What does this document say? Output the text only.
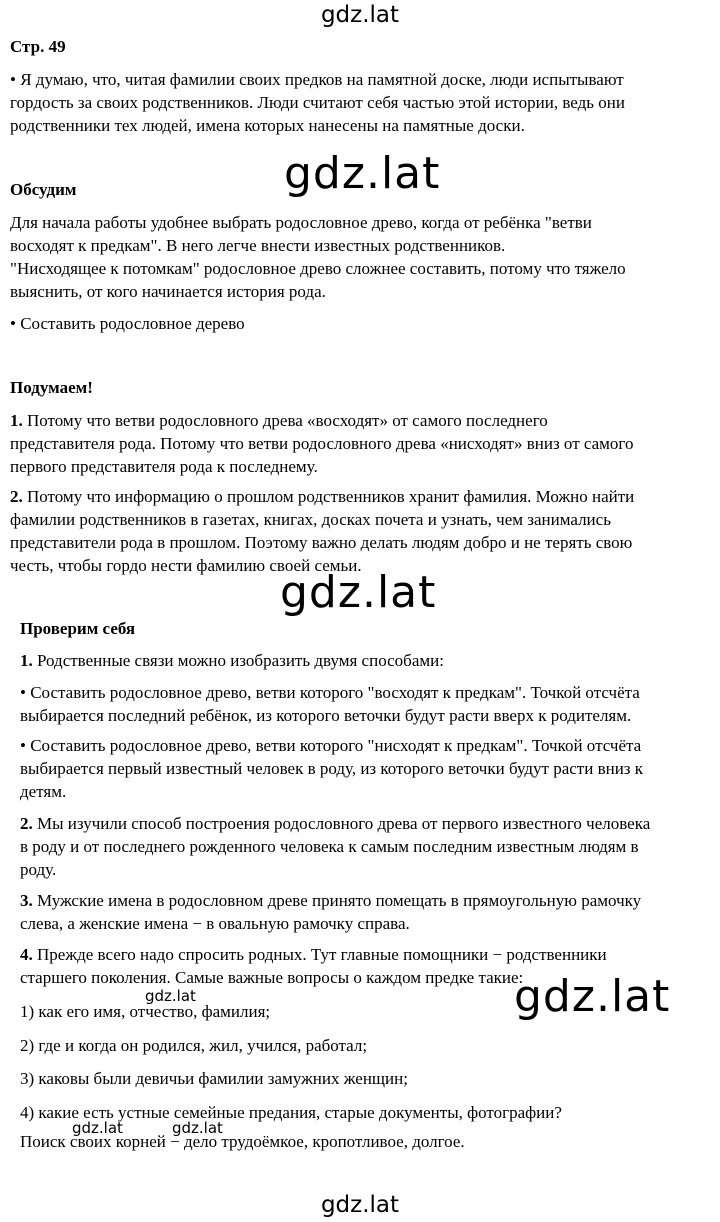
gdz.lat
Стр. 49
• Я думаю, что, читая фамилии своих предков на памятной доске, люди испытывают
гордость за своих родственников. Люди считают себя частью этой истории, ведь они
родственники тех людей, имена которых нанесены на памятные доски.
Обсудим	gdz.lat
Для начала работы удобнее выбрать родословное древо, когда от ребёнка "ветви
восходят к предкам". В него легче внести известных родственников.
"Нисходящее к потомкам" родословное древо сложнее составить, потому что тяжело
выяснить, от кого начинается история рода.
• Составить родословное дерево
Подумаем!
1. Потому что ветви родословного древа «восходят» от самого последнего
представителя рода. Потому что ветви родословного древа «нисходят» вниз от самого
первого представителя рода к последнему.
2. Потому что информацию о прошлом родственников хранит фамилия. Можно найти
фамилии родственников в газетах, книгах, досках почета и узнать, чем занимались
представители рода в прошлом. Поэтому важно делать людям добро и не терять свою
честь, чтобы гордо нести фамилию своей семьи.
gdz.lat
Проверим себя
1. Родственные связи можно изобразить двумя способами:
• Составить родословное древо, ветви которого "восходят к предкам". Точкой отсчёта
выбирается последний ребёнок, из которого веточки будут расти вверх к родителям.
• Составить родословное древо, ветви которого "нисходят к предкам". Точкой отсчёта
выбирается первый известный человек в роду, из которого веточки будут расти вниз к
детям.
2. Мы изучили способ построения родословного древа от первого известного человека
в роду и от последнего рожденного человека к самым последним известным людям в
роду.
3. Мужские имена в родословном древе принято помещать в прямоугольную рамочку
слева, а женские имена − в овальную рамочку справа.
4. Прежде всего надо спросить родных. Тут главные помощники − родственники
старшего поколения. Самые важные вопросы о каждом предке такие:
gdz.lat	gdz.lat
1) как его имя, отчество, фамилия;
2) где и когда он родился, жил, учился, работал;
3) каковы были девичьи фамилии замужних женщин;
4) какие есть устные семейные предания, старые документы, фотографии?
gdz.lat	gdz.lat
Поиск своих корней − дело трудоёмкое, кропотливое, долгое.
gdz.lat
